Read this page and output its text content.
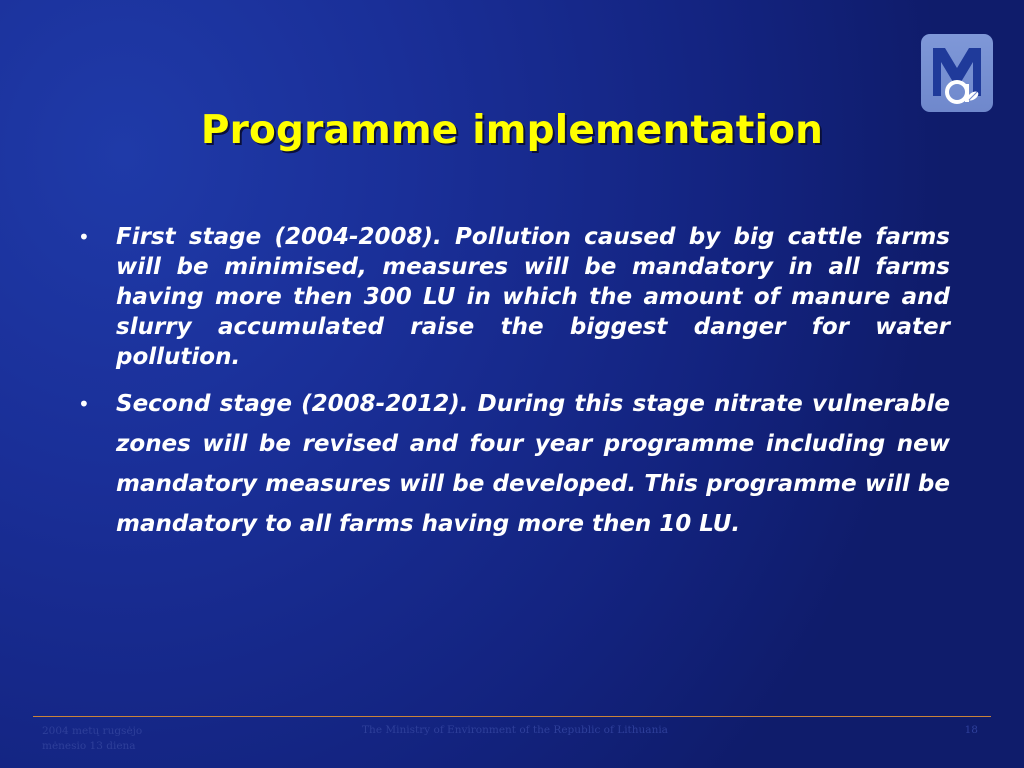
Programme implementation
• First stage (2004-2008). Pollution caused by big cattle farms will be minimised, measures will be mandatory in all farms having more then 300 LU in which the amount of manure and slurry accumulated raise the biggest danger for water pollution.
• Second stage (2008-2012). During this stage nitrate vulnerable zones will be revised and four year programme including new mandatory measures will be developed. This programme will be mandatory to all farms having more then 10 LU.
2004 metų rugsėjo
mėnesio 13 diena
The Ministry of Environment of the Republic of Lithuania	18
